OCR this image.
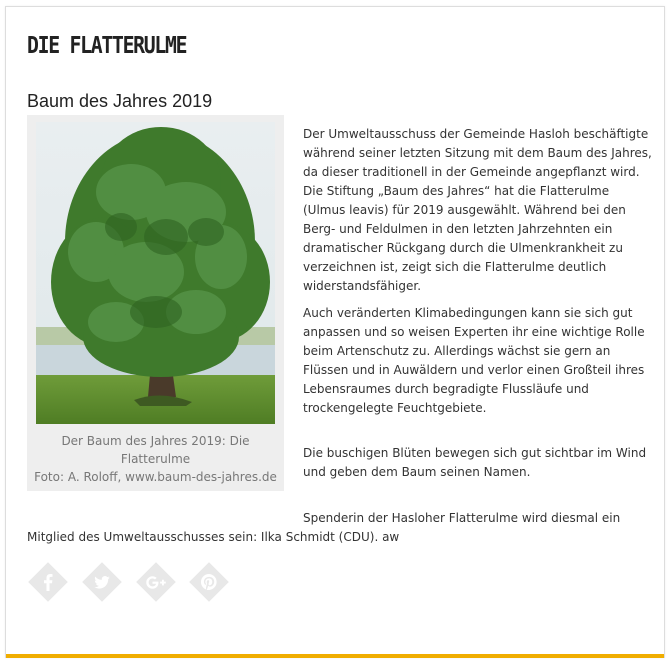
DIE FLATTERULME
Baum des Jahres 2019
Der Baum des Jahres 2019: Die
Flatterulme
Foto: A. Roloff, www.baum-des-jahres.de

Der Umweltausschuss der Gemeinde Hasloh beschäftigte während seiner letzten Sitzung mit dem Baum des Jahres, da dieser traditionell in der Gemeinde angepflanzt wird. Die Stiftung „Baum des Jahres“ hat die Flatterulme (Ulmus leavis) für 2019 ausgewählt. Während bei den Berg- und Feldulmen in den letzten Jahrzehnten ein dramatischer Rückgang durch die Ulmenkrankheit zu verzeichnen ist, zeigt sich die Flatterulme deutlich widerstandsfähiger.

Auch veränderten Klimabedingungen kann sie sich gut anpassen und so weisen Experten ihr eine wichtige Rolle beim Artenschutz zu. Allerdings wächst sie gern an Flüssen und in Auwäldern und verlor einen Großteil ihres Lebensraumes durch begradigte Flussläufe und trockengelegte Feuchtgebiete.

Die buschigen Blüten bewegen sich gut sichtbar im Wind und geben dem Baum seinen Namen.

Spenderin der Hasloher Flatterulme wird diesmal ein Mitglied des Umweltausschusses sein: Ilka Schmidt (CDU). aw
